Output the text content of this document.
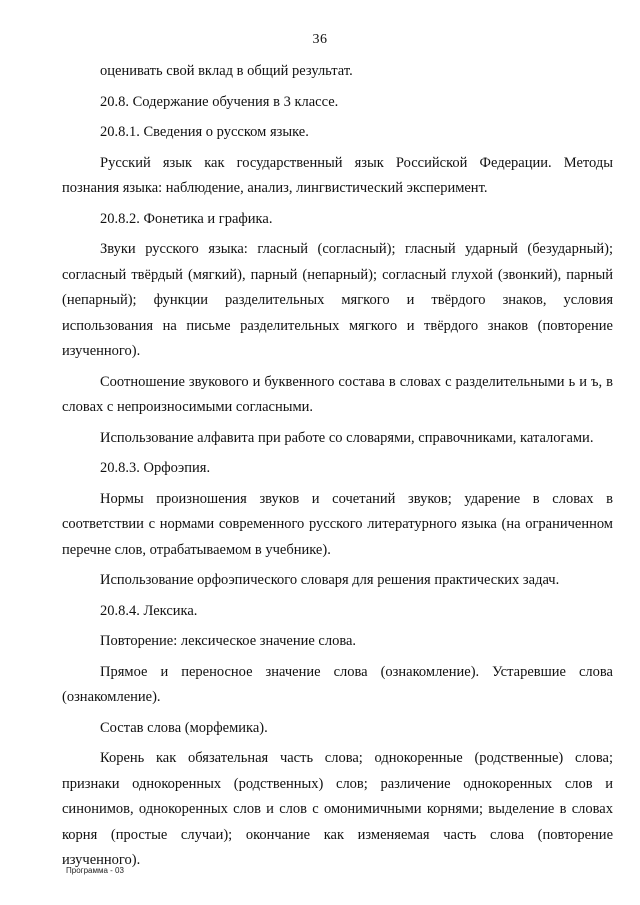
36

оценивать свой вклад в общий результат.

20.8. Содержание обучения в 3 классе.

20.8.1. Сведения о русском языке.

Русский язык как государственный язык Российской Федерации. Методы познания языка: наблюдение, анализ, лингвистический эксперимент.

20.8.2. Фонетика и графика.

Звуки русского языка: гласный (согласный); гласный ударный (безударный); согласный твёрдый (мягкий), парный (непарный); согласный глухой (звонкий), парный (непарный); функции разделительных мягкого и твёрдого знаков, условия использования на письме разделительных мягкого и твёрдого знаков (повторение изученного).

Соотношение звукового и буквенного состава в словах с разделительными ь и ъ, в словах с непроизносимыми согласными.

Использование алфавита при работе со словарями, справочниками, каталогами.

20.8.3. Орфоэпия.

Нормы произношения звуков и сочетаний звуков; ударение в словах в соответствии с нормами современного русского литературного языка (на ограниченном перечне слов, отрабатываемом в учебнике).

Использование орфоэпического словаря для решения практических задач.

20.8.4. Лексика.

Повторение: лексическое значение слова.

Прямое и переносное значение слова (ознакомление). Устаревшие слова (ознакомление).

Состав слова (морфемика).

Корень как обязательная часть слова; однокоренные (родственные) слова; признаки однокоренных (родственных) слов; различение однокоренных слов и синонимов, однокоренных слов и слов с омонимичными корнями; выделение в словах корня (простые случаи); окончание как изменяемая часть слова (повторение изученного).

Программа - 03
